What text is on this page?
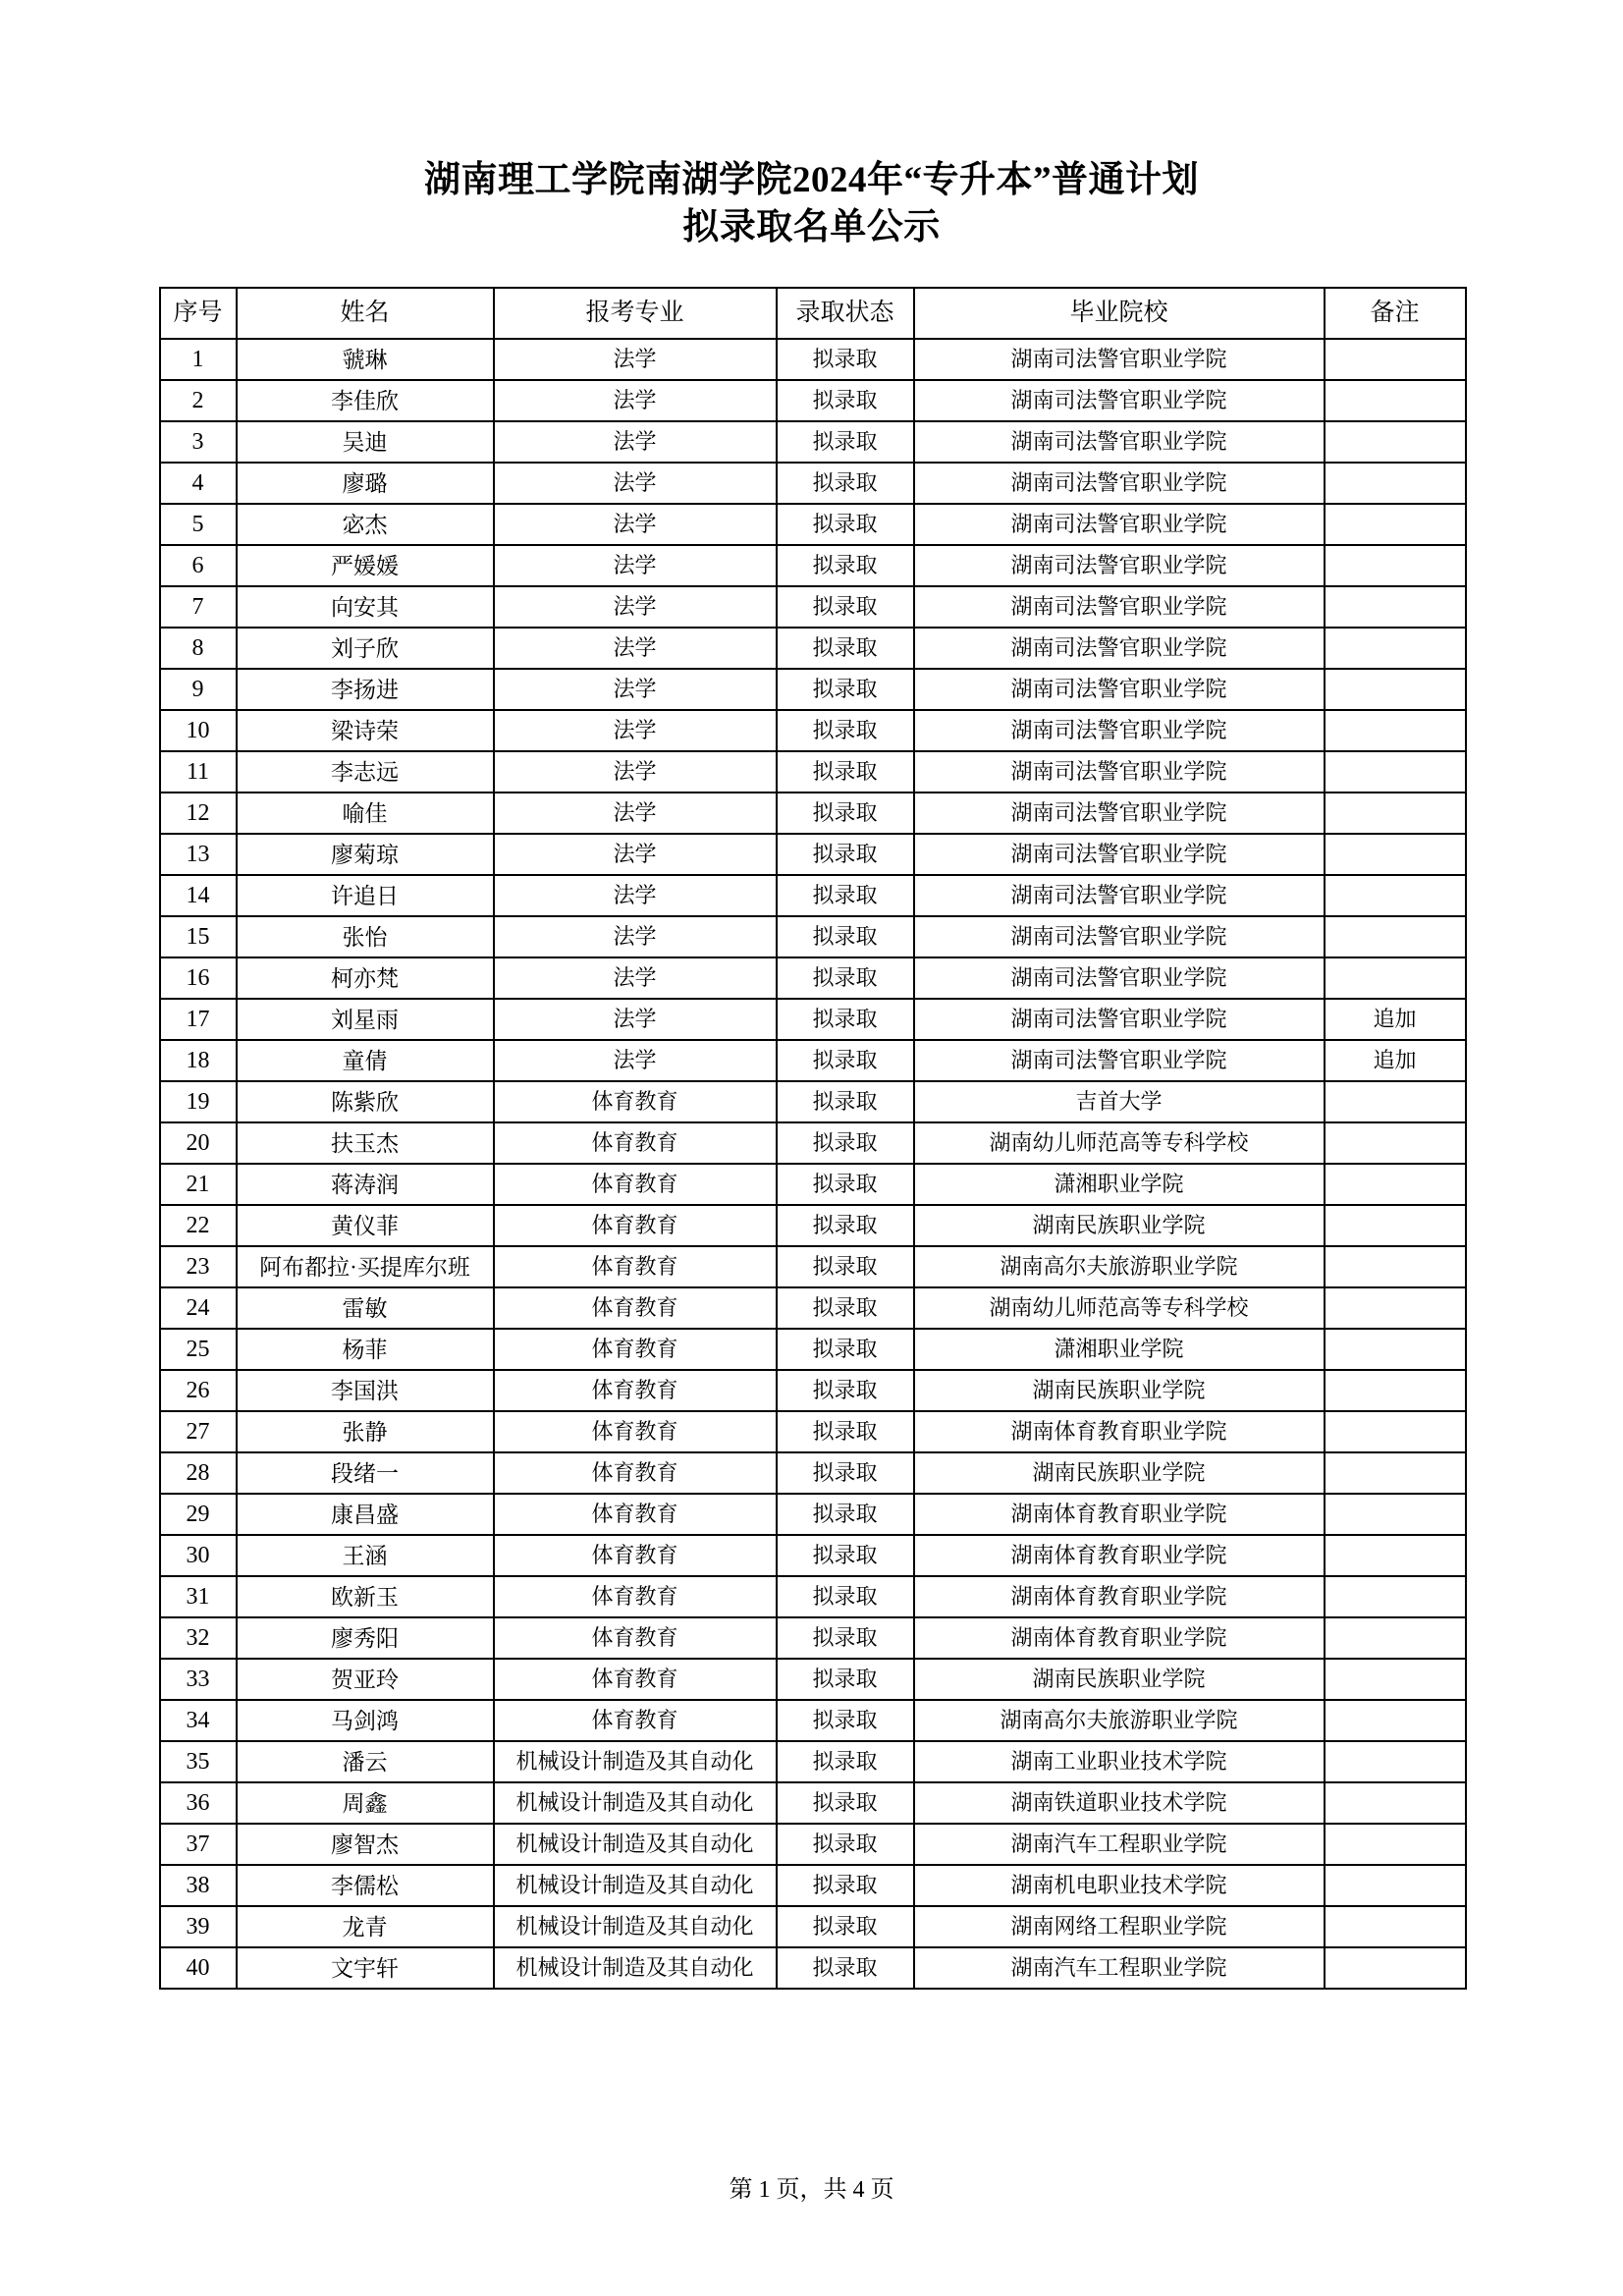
湖南理工学院南湖学院2024年“专升本”普通计划
拟录取名单公示
序号	姓名	报考专业	录取状态	毕业院校	备注
1	虢琳	法学	拟录取	湖南司法警官职业学院	
2	李佳欣	法学	拟录取	湖南司法警官职业学院	
3	吴迪	法学	拟录取	湖南司法警官职业学院	
4	廖璐	法学	拟录取	湖南司法警官职业学院	
5	宓杰	法学	拟录取	湖南司法警官职业学院	
6	严媛媛	法学	拟录取	湖南司法警官职业学院	
7	向安其	法学	拟录取	湖南司法警官职业学院	
8	刘子欣	法学	拟录取	湖南司法警官职业学院	
9	李扬进	法学	拟录取	湖南司法警官职业学院	
10	梁诗荣	法学	拟录取	湖南司法警官职业学院	
11	李志远	法学	拟录取	湖南司法警官职业学院	
12	喻佳	法学	拟录取	湖南司法警官职业学院	
13	廖菊琼	法学	拟录取	湖南司法警官职业学院	
14	许追日	法学	拟录取	湖南司法警官职业学院	
15	张怡	法学	拟录取	湖南司法警官职业学院	
16	柯亦梵	法学	拟录取	湖南司法警官职业学院	
17	刘星雨	法学	拟录取	湖南司法警官职业学院	追加
18	童倩	法学	拟录取	湖南司法警官职业学院	追加
19	陈紫欣	体育教育	拟录取	吉首大学	
20	扶玉杰	体育教育	拟录取	湖南幼儿师范高等专科学校	
21	蒋涛润	体育教育	拟录取	潇湘职业学院	
22	黄仪菲	体育教育	拟录取	湖南民族职业学院	
23	阿布都拉·买提库尔班	体育教育	拟录取	湖南高尔夫旅游职业学院	
24	雷敏	体育教育	拟录取	湖南幼儿师范高等专科学校	
25	杨菲	体育教育	拟录取	潇湘职业学院	
26	李国洪	体育教育	拟录取	湖南民族职业学院	
27	张静	体育教育	拟录取	湖南体育教育职业学院	
28	段绪一	体育教育	拟录取	湖南民族职业学院	
29	康昌盛	体育教育	拟录取	湖南体育教育职业学院	
30	王涵	体育教育	拟录取	湖南体育教育职业学院	
31	欧新玉	体育教育	拟录取	湖南体育教育职业学院	
32	廖秀阳	体育教育	拟录取	湖南体育教育职业学院	
33	贺亚玲	体育教育	拟录取	湖南民族职业学院	
34	马剑鸿	体育教育	拟录取	湖南高尔夫旅游职业学院	
35	潘云	机械设计制造及其自动化	拟录取	湖南工业职业技术学院	
36	周鑫	机械设计制造及其自动化	拟录取	湖南铁道职业技术学院	
37	廖智杰	机械设计制造及其自动化	拟录取	湖南汽车工程职业学院	
38	李儒松	机械设计制造及其自动化	拟录取	湖南机电职业技术学院	
39	龙青	机械设计制造及其自动化	拟录取	湖南网络工程职业学院	
40	文宇轩	机械设计制造及其自动化	拟录取	湖南汽车工程职业学院	
第 1 页，共 4 页
